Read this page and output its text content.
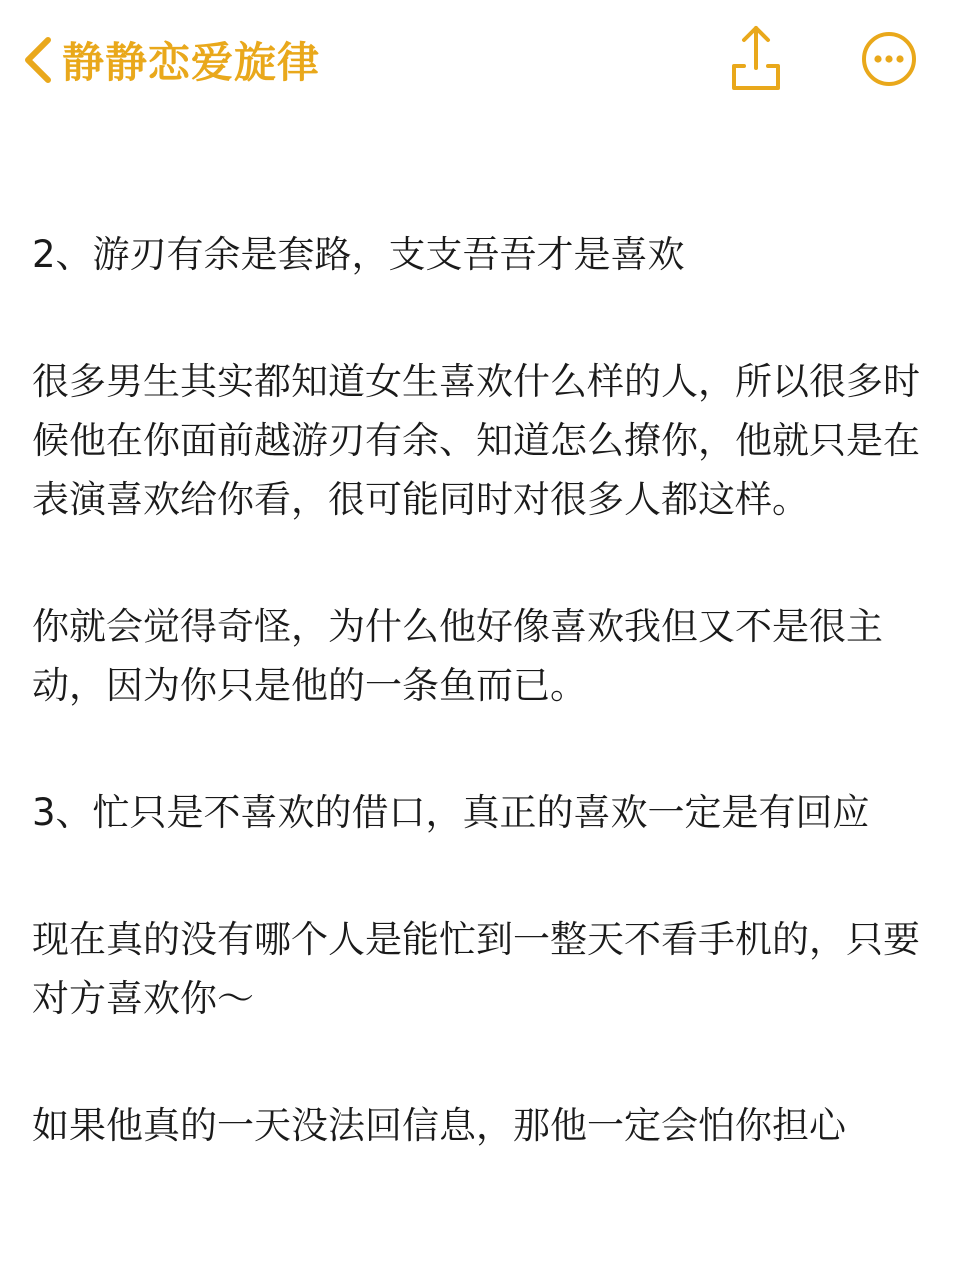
静静恋爱旋律

2、游刃有余是套路，支支吾吾才是喜欢

很多男生其实都知道女生喜欢什么样的人，所以很多时候他在你面前越游刃有余、知道怎么撩你，他就只是在表演喜欢给你看，很可能同时对很多人都这样。

你就会觉得奇怪，为什么他好像喜欢我但又不是很主动，因为你只是他的一条鱼而已。

3、忙只是不喜欢的借口，真正的喜欢一定是有回应

现在真的没有哪个人是能忙到一整天不看手机的，只要对方喜欢你～

如果他真的一天没法回信息，那他一定会怕你担心
